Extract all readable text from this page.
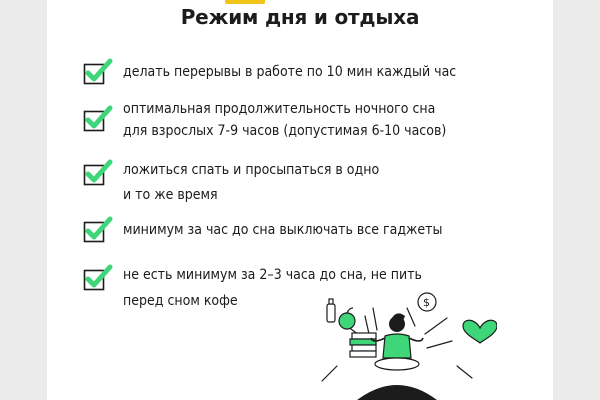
Режим дня и отдыха
делать перерывы в работе по 10 мин каждый час
оптимальная продолжительность ночного сна
для взрослых 7-9 часов (допустимая 6-10 часов)
ложиться спать и просыпаться в одно
и то же время
минимум за час до сна выключать все гаджеты
не есть минимум за 2–3 часа до сна, не пить
перед сном кофе	$
